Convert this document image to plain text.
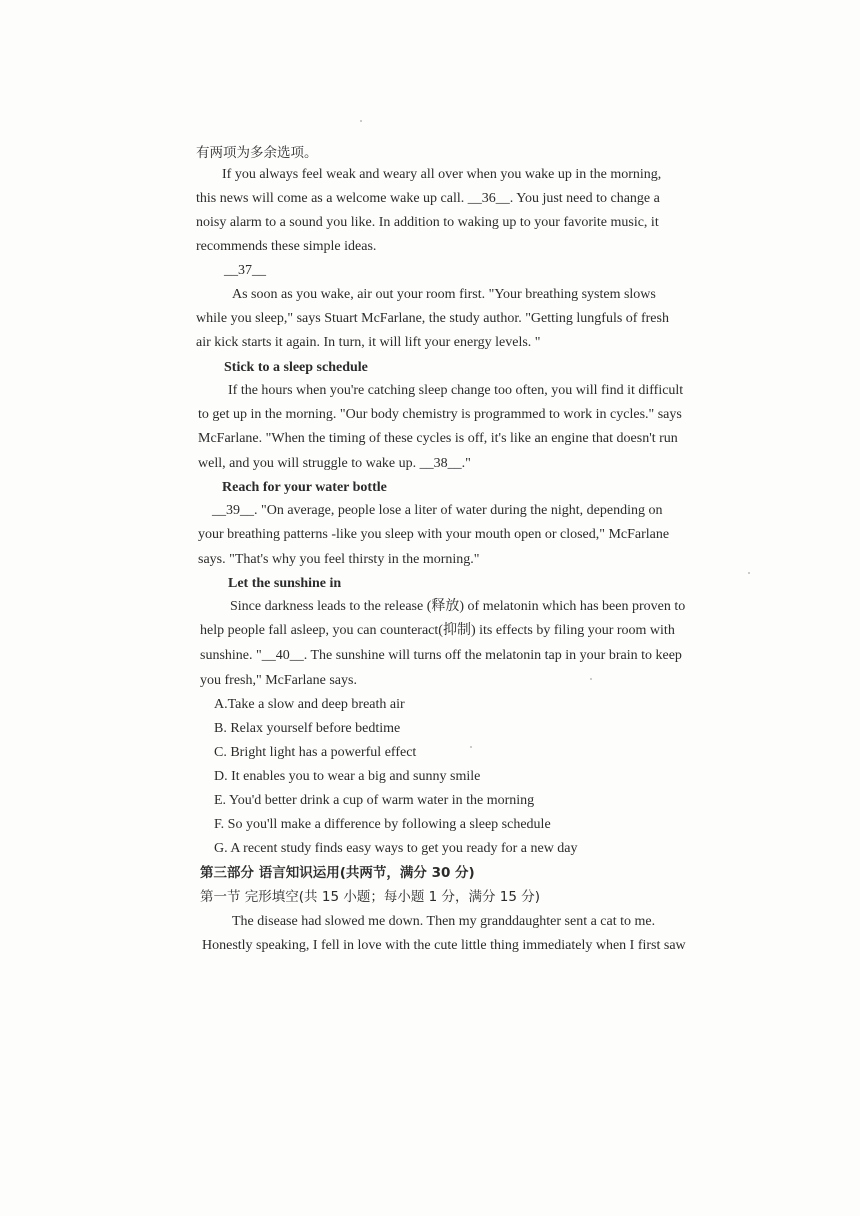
有两项为多余选项。
If you always feel weak and weary all over when you wake up in the morning,
this news will come as a welcome wake up call. __36__. You just need to change a
noisy alarm to a sound you like. In addition to waking up to your favorite music, it
recommends these simple ideas.
__37__
As soon as you wake, air out your room first. "Your breathing system slows
while you sleep," says Stuart McFarlane, the study author. "Getting lungfuls of fresh
air kick starts it again. In turn, it will lift your energy levels. "
Stick to a sleep schedule
If the hours when you're catching sleep change too often, you will find it difficult
to get up in the morning. "Our body chemistry is programmed to work in cycles." says
McFarlane. "When the timing of these cycles is off, it's like an engine that doesn't run
well, and you will struggle to wake up. __38__."
Reach for your water bottle
__39__. "On average, people lose a liter of water during the night, depending on
your breathing patterns -like you sleep with your mouth open or closed," McFarlane
says. "That's why you feel thirsty in the morning."
Let the sunshine in
Since darkness leads to the release (释放) of melatonin which has been proven to
help people fall asleep, you can counteract(抑制) its effects by filing your room with
sunshine. "__40__. The sunshine will turns off the melatonin tap in your brain to keep
you fresh," McFarlane says.
A.Take a slow and deep breath air
B. Relax yourself before bedtime
C. Bright light has a powerful effect
D. It enables you to wear a big and sunny smile
E. You'd better drink a cup of warm water in the morning
F. So you'll make a difference by following a sleep schedule
G. A recent study finds easy ways to get you ready for a new day
第三部分 语言知识运用(共两节，满分 30 分)
第一节 完形填空(共 15 小题；每小题 1 分，满分 15 分)
The disease had slowed me down. Then my granddaughter sent a cat to me.
Honestly speaking, I fell in love with the cute little thing immediately when I first saw
